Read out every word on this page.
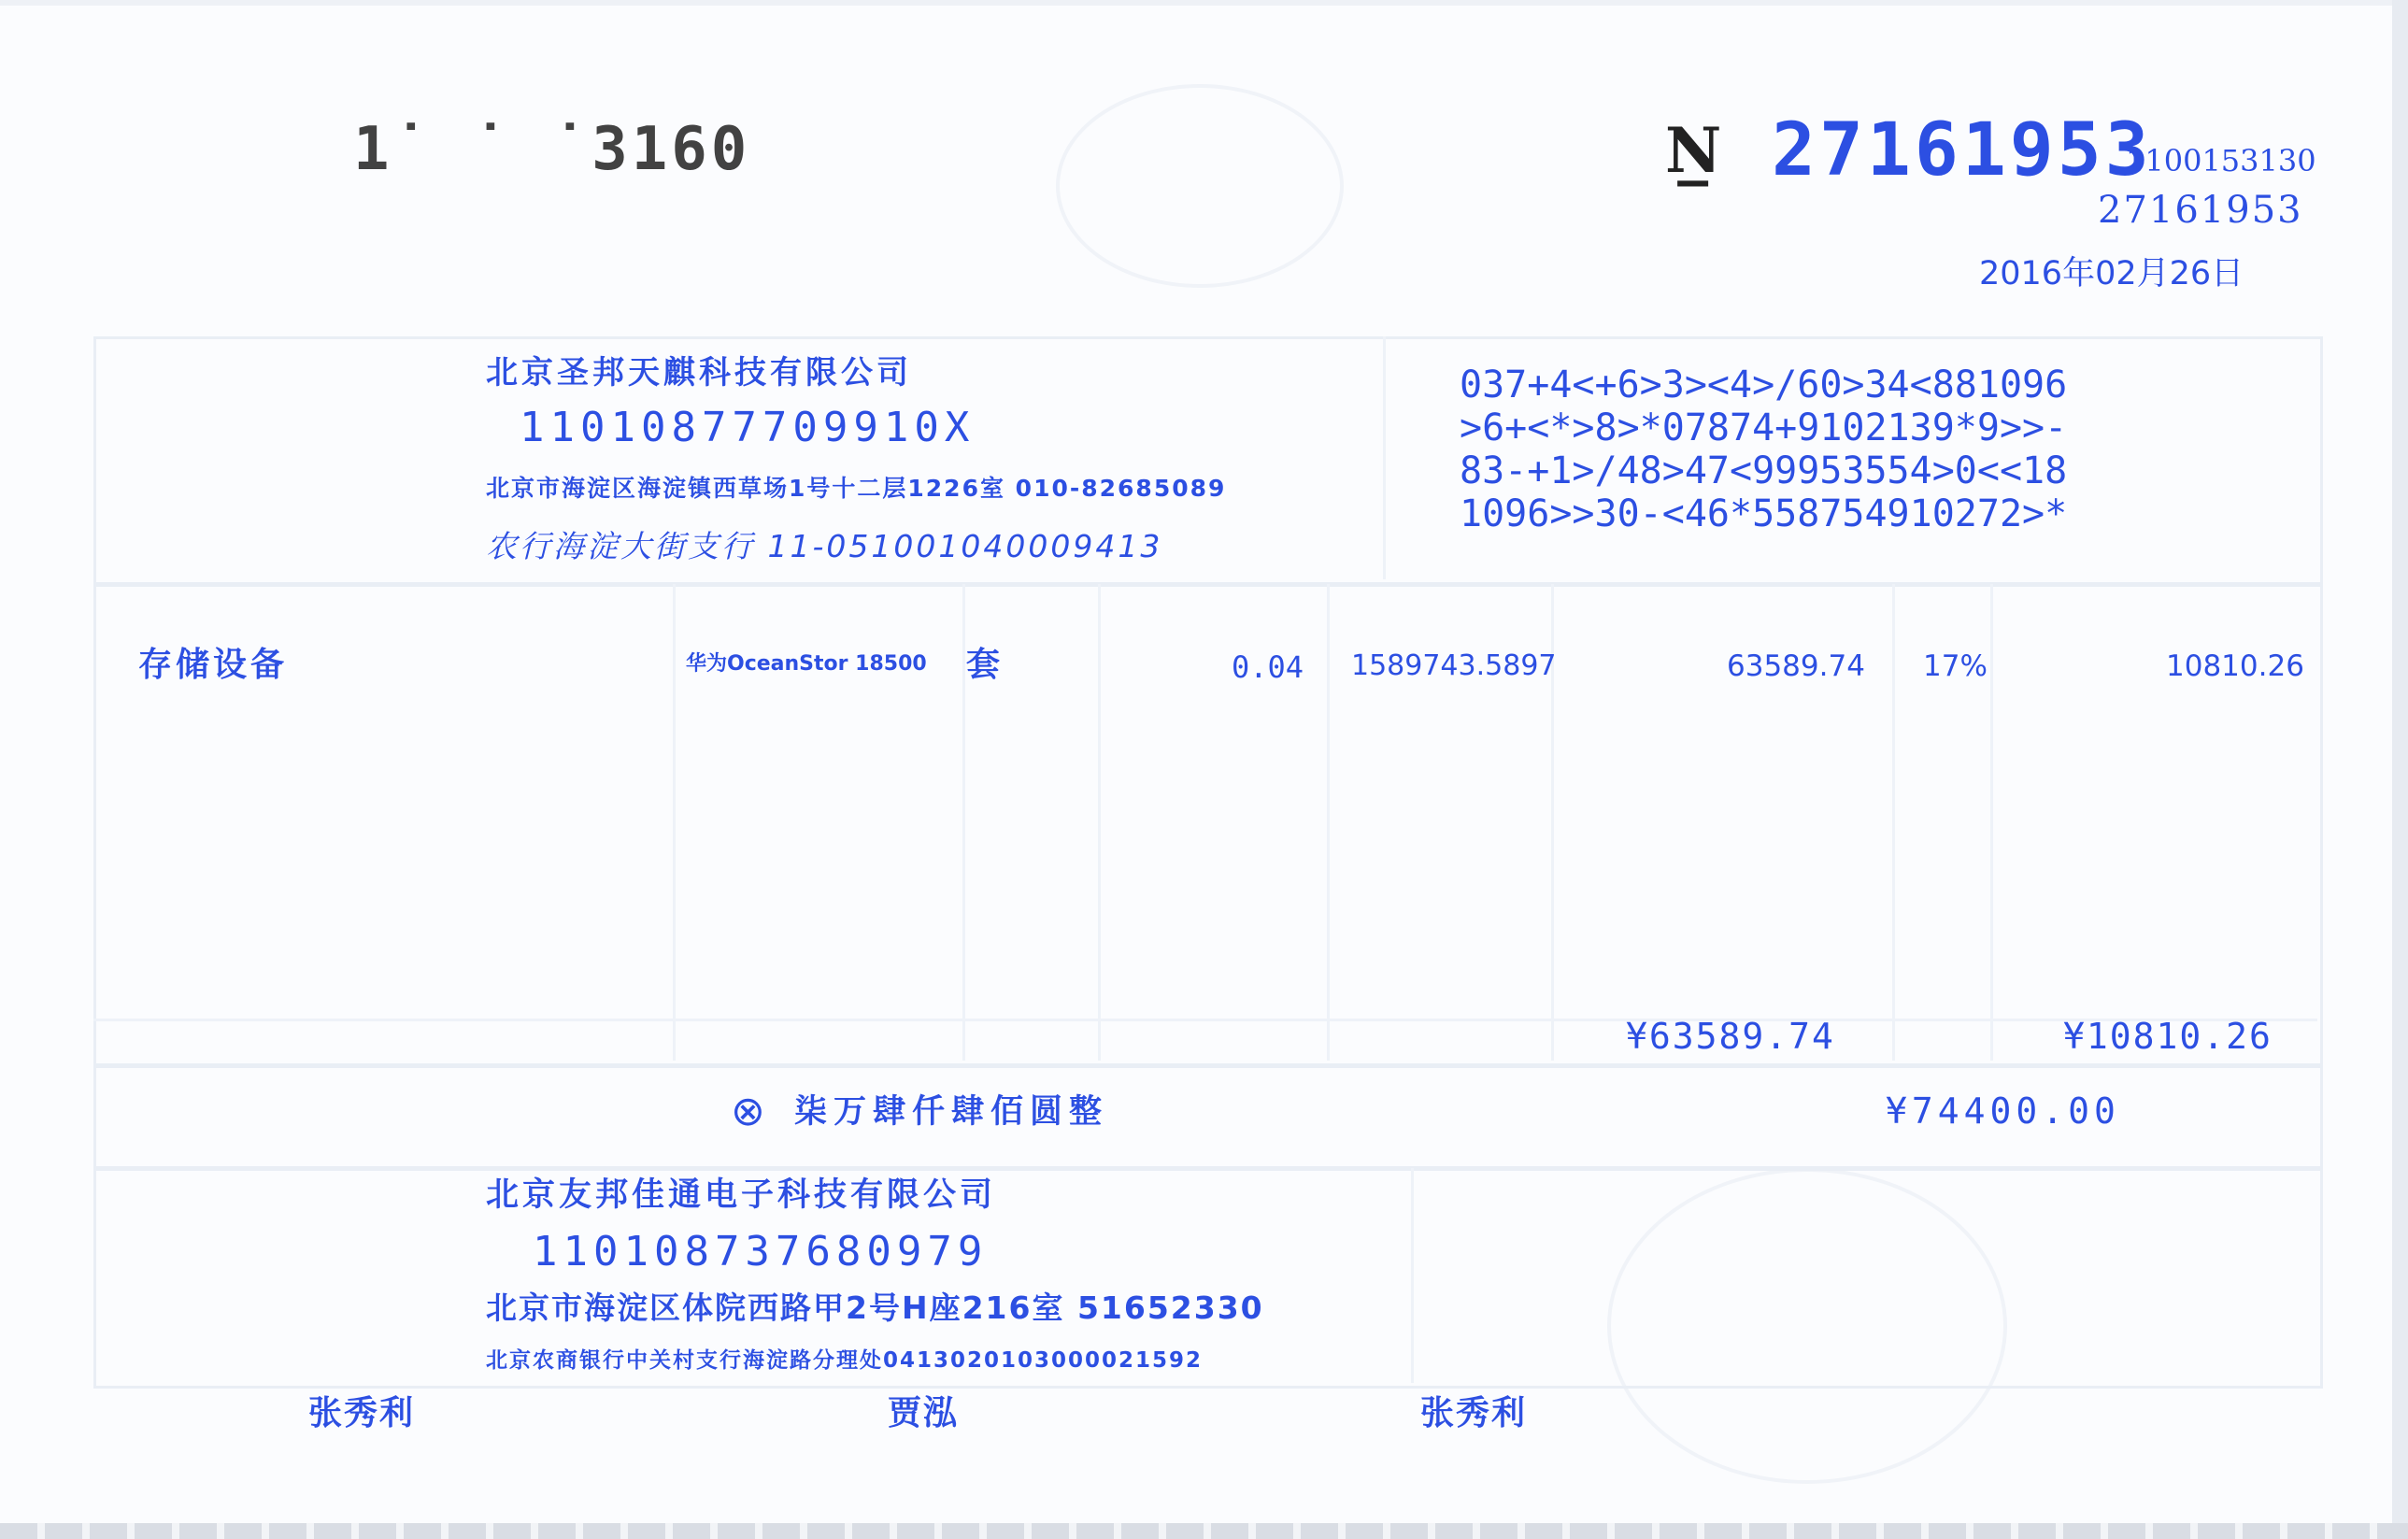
1˙ ˙ ˙3160	N̲ 27161953
1100153130
27161953
2016年02月26日
北京圣邦天麒科技有限公司
11010877709910X
北京市海淀区海淀镇西草场1号十二层1226室 010-82685089
农行海淀大街支行 11-051001040009413
037+4<+6>3><4>/60>34<881096
>6+<*>8>*07874+9102139*9>>-
83-+1>/48>47<99953554>0<<18
1096>>30-<46*558754910272>*
存储设备	华为OceanStor 18500 套	0.04 1589743.5897	63589.74 17%	10810.26
¥63589.74	¥10810.26
⊗ 柒万肆仟肆佰圆整	¥74400.00
北京友邦佳通电子科技有限公司
110108737680979
北京市海淀区体院西路甲2号H座216室 51652330
北京农商银行中关村支行海淀路分理处0413020103000021592
张秀利	贾泓	张秀利
